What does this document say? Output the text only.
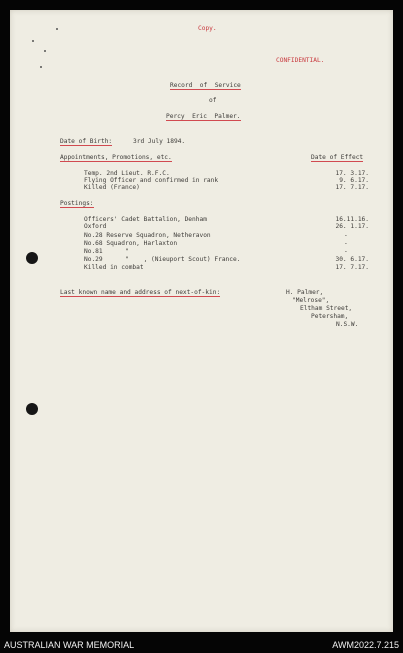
Copy.
CONFIDENTIAL.
Record  of  Service
of
Percy  Eric  Palmer.
Date of Birth:	3rd July 1894.
Appointments, Promotions, etc.	Date of Effect
Temp. 2nd Lieut. R.F.C.	17. 3.17.
Flying Officer and confirmed in rank	9. 6.17.
Killed (France)	17. 7.17.
Postings:
Officers' Cadet Battalion, Denham	16.11.16.
Oxford	26. 1.17.
No.28 Reserve Squadron, Netheravon	-
No.68 Squadron, Harlaxton	-
No.81      "	-
No.29      "    , (Nieuport Scout) France.	30. 6.17.
Killed in combat	17. 7.17.
Last known name and address of next-of-kin:	H. Palmer,
"Melrose",
Eltham Street,
Petersham,
N.S.W.
AUSTRALIAN WAR MEMORIAL	AWM2022.7.215
